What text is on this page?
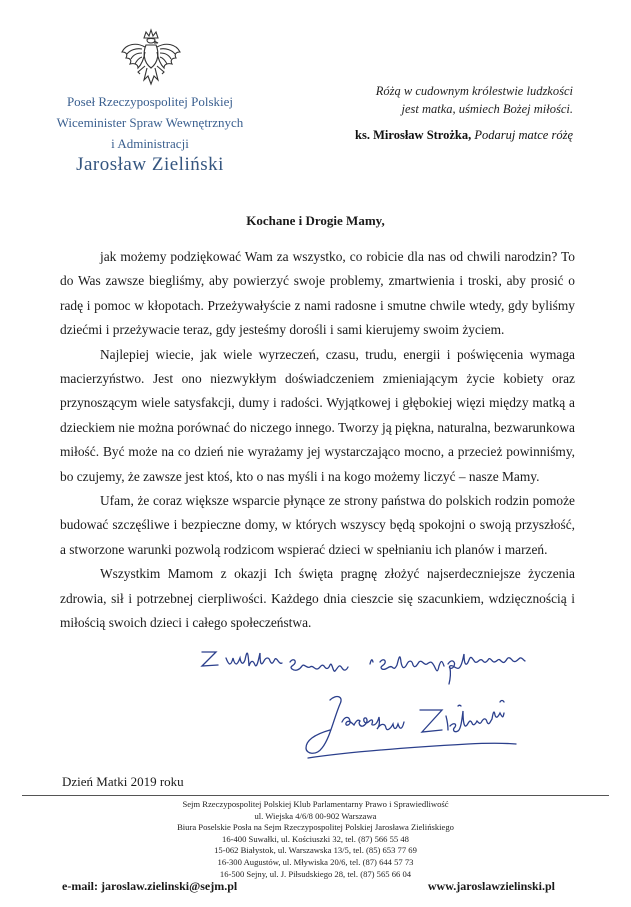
Poseł Rzeczypospolitej Polskiej
Wiceminister Spraw Wewnętrznych
i Administracji
Jarosław Zieliński
Różą w cudownym królestwie ludzkości
jest matka, uśmiech Bożej miłości.
ks. Mirosław Strożka, Podaruj matce różę
Kochane i Drogie Mamy,

jak możemy podziękować Wam za wszystko, co robicie dla nas od chwili narodzin? To do Was zawsze biegliśmy, aby powierzyć swoje problemy, zmartwienia i troski, aby prosić o radę i pomoc w kłopotach. Przeżywałyście z nami radosne i smutne chwile wtedy, gdy byliśmy dziećmi i przeżywacie teraz, gdy jesteśmy dorośli i sami kierujemy swoim życiem.

Najlepiej wiecie, jak wiele wyrzeczeń, czasu, trudu, energii i poświęcenia wymaga macierzyństwo. Jest ono niezwykłym doświadczeniem zmieniającym życie kobiety oraz przynoszącym wiele satysfakcji, dumy i radości. Wyjątkowej i głębokiej więzi między matką a dzieckiem nie można porównać do niczego innego. Tworzy ją piękna, naturalna, bezwarunkowa miłość. Być może na co dzień nie wyrażamy jej wystarczająco mocno, a przecież powinniśmy, bo czujemy, że zawsze jest ktoś, kto o nas myśli i na kogo możemy liczyć – nasze Mamy.

Ufam, że coraz większe wsparcie płynące ze strony państwa do polskich rodzin pomoże budować szczęśliwe i bezpieczne domy, w których wszyscy będą spokojni o swoją przyszłość, a stworzone warunki pozwolą rodzicom wspierać dzieci w spełnianiu ich planów i marzeń.

Wszystkim Mamom z okazji Ich święta pragnę złożyć najserdeczniejsze życzenia zdrowia, sił i potrzebnej cierpliwości. Każdego dnia cieszcie się szacunkiem, wdzięcznością i miłością swoich dzieci i całego społeczeństwa.

Dzień Matki 2019 roku
Sejm Rzeczypospolitej Polskiej Klub Parlamentarny Prawo i Sprawiedliwość
ul. Wiejska 4/6/8 00-902 Warszawa
Biura Poselskie Posła na Sejm Rzeczypospolitej Polskiej Jarosława Zielińskiego
16-400 Suwałki, ul. Kościuszki 32, tel. (87) 566 55 48
15-062 Białystok, ul. Warszawska 13/5, tel. (85) 653 77 69
16-300 Augustów, ul. Mływiska 20/6, tel. (87) 644 57 73
16-500 Sejny, ul. J. Piłsudskiego 28, tel. (87) 565 66 04
e-mail: jaroslaw.zielinski@sejm.pl	www.jaroslawzielinski.pl
